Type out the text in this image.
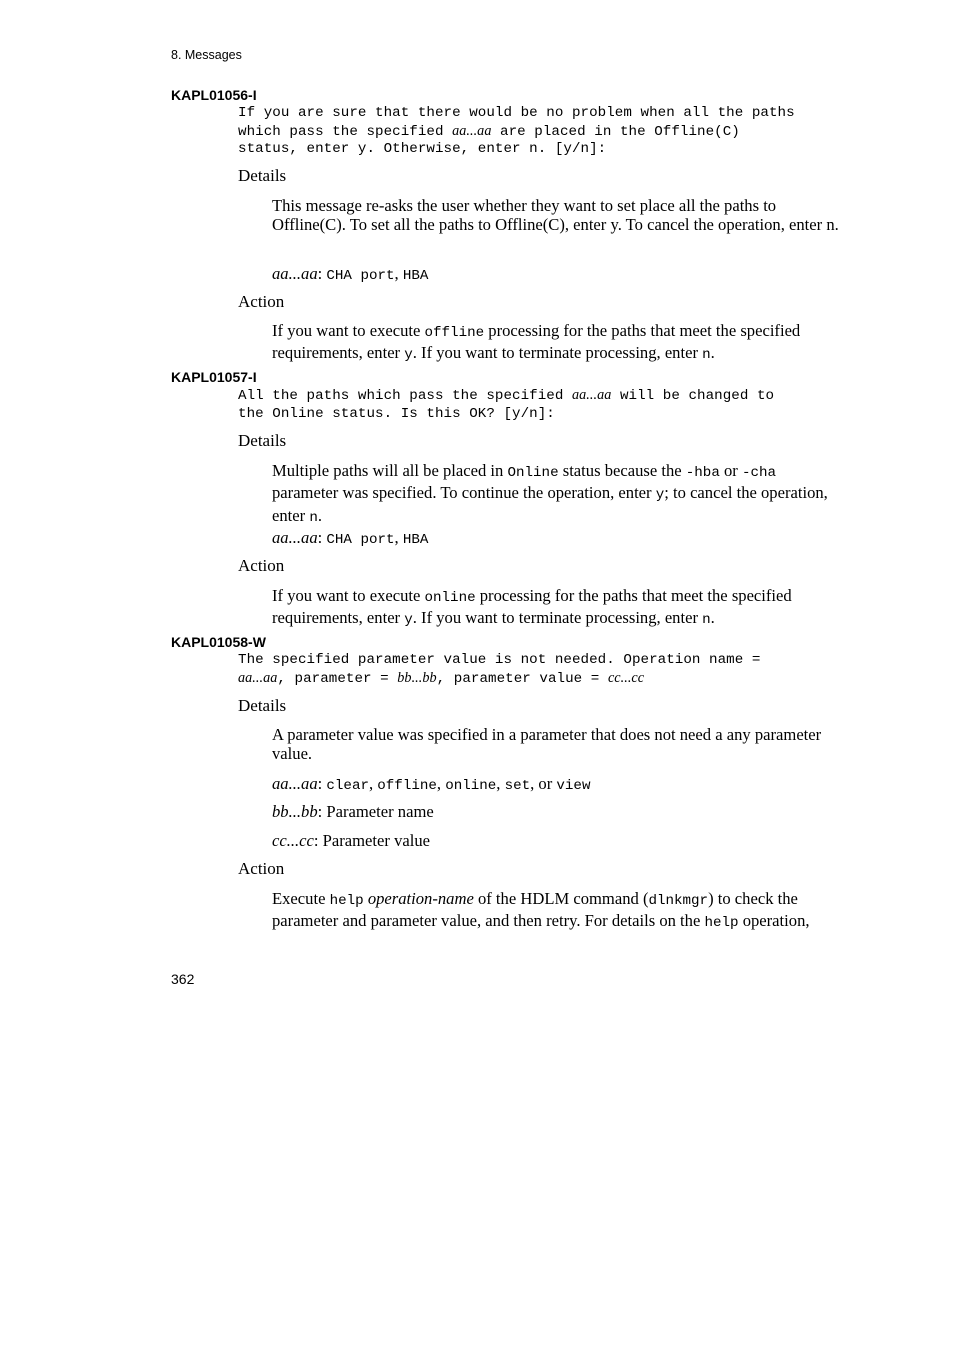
8. Messages
KAPL01056-I
If you are sure that there would be no problem when all the paths
which pass the specified aa...aa are placed in the Offline(C)
status, enter y. Otherwise, enter n. [y/n]:
Details
This message re-asks the user whether they want to set place all the paths to Offline(C). To set all the paths to Offline(C), enter y. To cancel the operation, enter n.
aa...aa: CHA port, HBA
Action
If you want to execute offline processing for the paths that meet the specified requirements, enter y. If you want to terminate processing, enter n.
KAPL01057-I
All the paths which pass the specified aa...aa will be changed to
the Online status. Is this OK? [y/n]:
Details
Multiple paths will all be placed in Online status because the -hba or -cha parameter was specified. To continue the operation, enter y; to cancel the operation, enter n.
aa...aa: CHA port, HBA
Action
If you want to execute online processing for the paths that meet the specified requirements, enter y. If you want to terminate processing, enter n.
KAPL01058-W
The specified parameter value is not needed. Operation name =
aa...aa, parameter = bb...bb, parameter value = cc...cc
Details
A parameter value was specified in a parameter that does not need a any parameter value.
aa...aa: clear, offline, online, set, or view
bb...bb: Parameter name
cc...cc: Parameter value
Action
Execute help operation-name of the HDLM command (dlnkmgr) to check the parameter and parameter value, and then retry. For details on the help operation,
362
